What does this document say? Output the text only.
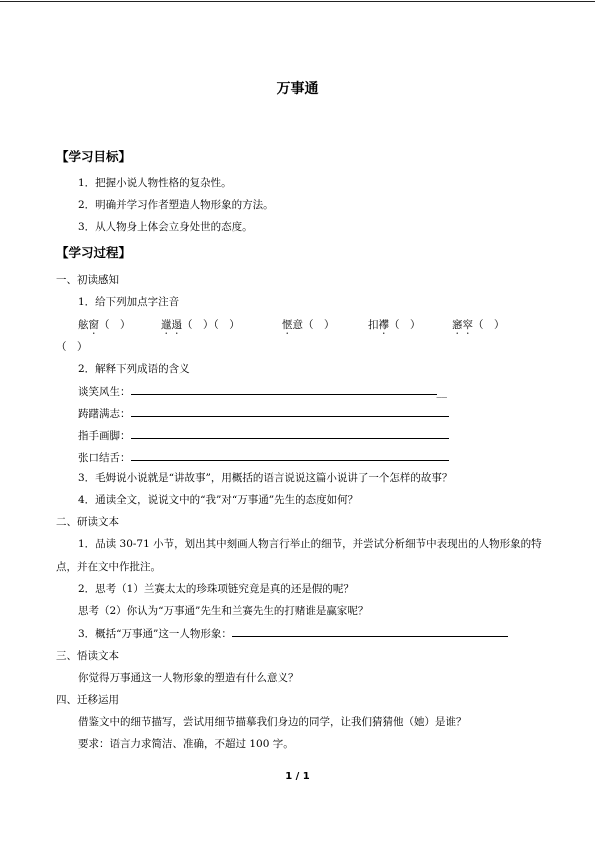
万事通
【学习目标】
1．把握小说人物性格的复杂性。
2．明确并学习作者塑造人物形象的方法。
3．从人物身上体会立身处世的态度。
【学习过程】
一、初读感知
1．给下列加点字注音
舷窗（　）	邋遢（　）（　）	惬意（　）	扣襻（　）	窸窣（　）
（　）
2．解释下列成语的含义
谈笑风生：	__
踌躇满志：
指手画脚：
张口结舌：
3．毛姆说小说就是“讲故事”，用概括的语言说说这篇小说讲了一个怎样的故事？
4．通读全文，说说文中的“我”对“万事通”先生的态度如何？
二、研读文本
1．品读 30-71 小节，划出其中刻画人物言行举止的细节，并尝试分析细节中表现出的人物形象的特点，并在文中作批注。
2．思考（1）兰赛太太的珍珠项链究竟是真的还是假的呢？
思考（2）你认为“万事通”先生和兰赛先生的打赌谁是赢家呢？
3．概括“万事通”这一人物形象：
三、悟读文本
你觉得万事通这一人物形象的塑造有什么意义？
四、迁移运用
借鉴文中的细节描写，尝试用细节描摹我们身边的同学，让我们猜猜他（她）是谁？
要求：语言力求简洁、准确，不超过 100 字。
1 / 1
